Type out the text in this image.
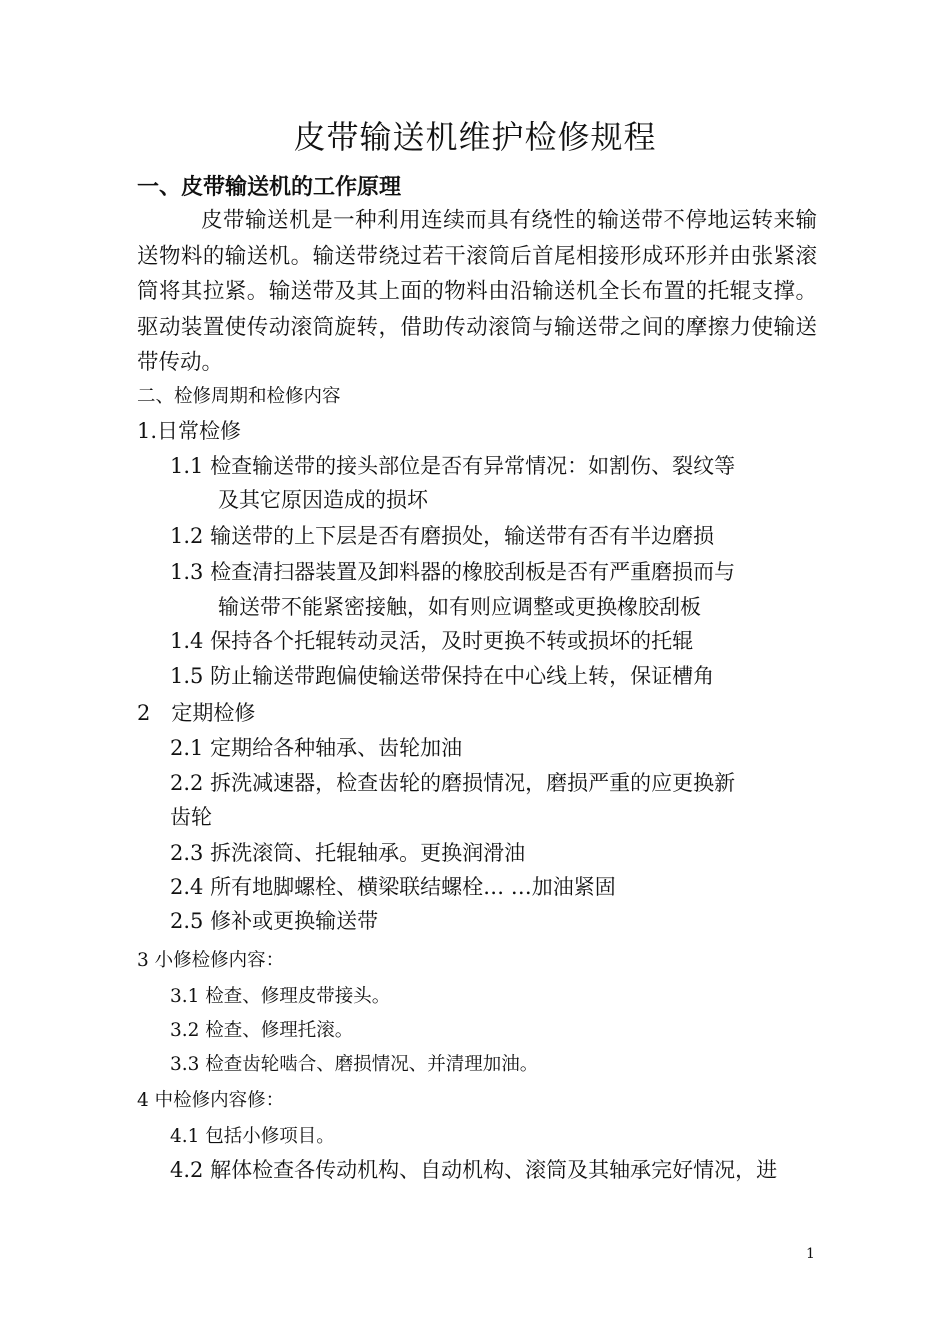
皮带输送机维护检修规程
一、皮带输送机的工作原理

皮带输送机是一种利用连续而具有绕性的输送带不停地运转来输送物料的输送机。输送带绕过若干滚筒后首尾相接形成环形并由张紧滚筒将其拉紧。输送带及其上面的物料由沿输送机全长布置的托辊支撑。驱动装置使传动滚筒旋转，借助传动滚筒与输送带之间的摩擦力使输送带传动。

二、检修周期和检修内容

1.日常检修

1.1 检查输送带的接头部位是否有异常情况：如割伤、裂纹等

及其它原因造成的损坏

1.2 输送带的上下层是否有磨损处，输送带有否有半边磨损

1.3 检查清扫器装置及卸料器的橡胶刮板是否有严重磨损而与

输送带不能紧密接触，如有则应调整或更换橡胶刮板

1.4 保持各个托辊转动灵活，及时更换不转或损坏的托辊

1.5 防止输送带跑偏使输送带保持在中心线上转，保证槽角

2　定期检修

2.1 定期给各种轴承、齿轮加油

2.2 拆洗减速器，检查齿轮的磨损情况，磨损严重的应更换新

齿轮

2.3 拆洗滚筒、托辊轴承。更换润滑油

2.4 所有地脚螺栓、横梁联结螺栓… …加油紧固

2.5 修补或更换输送带

3 小修检修内容：

3.1 检查、修理皮带接头。

3.2 检查、修理托滚。

3.3 检查齿轮啮合、磨损情况、并清理加油。

4 中检修内容修：

4.1 包括小修项目。

4.2 解体检查各传动机构、自动机构、滚筒及其轴承完好情况，进

1
